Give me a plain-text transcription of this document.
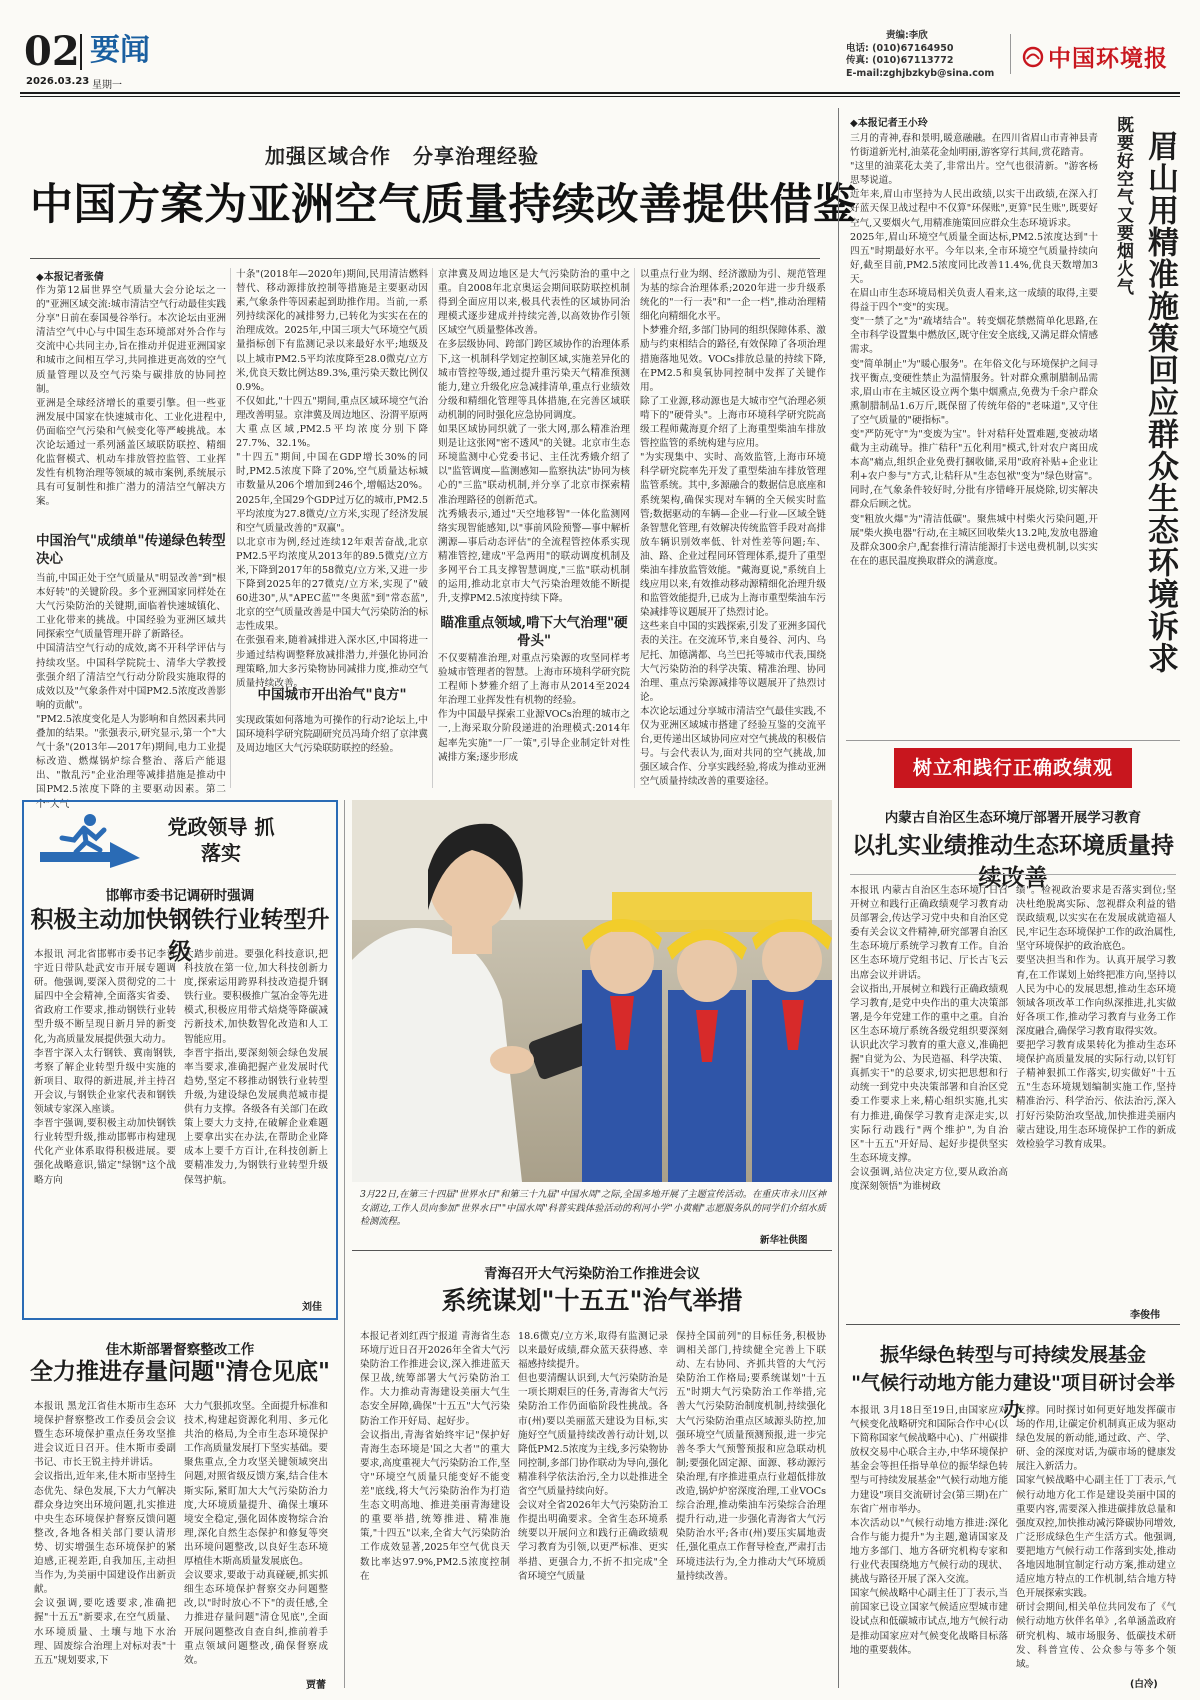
02 要闻
2026.03.23 星期一
责编:李欣
电话: (010)67164950
传真: (010)67113772
E-mail:zghjbzkyb@sina.com
中国环境报
加强区域合作 分享治理经验
中国方案为亚洲空气质量持续改善提供借鉴
◆本报记者张倩
作为第12届世界空气质量大会分论坛之一的"亚洲区域交流:城市清洁空气行动最佳实践分享"日前在泰国曼谷举行。本次论坛由亚洲清洁空气中心与中国生态环境部对外合作与交流中心共同主办,旨在推动并促进亚洲国家和城市之间相互学习,共同推进更高效的空气质量管理以及空气污染与碳排放的协同控制。
亚洲是全球经济增长的重要引擎。但一些亚洲发展中国家在快速城市化、工业化进程中,仍面临空气污染和气候变化等严峻挑战。本次论坛通过一系列涵盖区域联防联控、精细化监督模式、机动车排放管控监管、工业挥发性有机物治理等领域的城市案例,系统展示具有可复制性和推广潜力的清洁空气解决方案。
中国治气"成绩单"传递绿色转型决心
当前,中国正处于空气质量从"明显改善"到"根本好转"的关键阶段。多个亚洲国家同样处在大气污染防治的关键期,面临着快速城镇化、工业化带来的挑战。中国经验为亚洲区域共同探索空气质量管理开辟了新路径。
中国清洁空气行动的成效,离不开科学评估与持续攻坚。中国科学院院士、清华大学教授张强介绍了清洁空气行动分阶段实施取得的成效以及"气象条件对中国PM2.5浓度改善影响的贡献"。
"PM2.5浓度变化是人为影响和自然因素共同叠加的结果。"张强表示,研究显示,第一个"大气十条"(2013年—2017年)期间,电力工业提标改造、燃煤锅炉综合整治、落后产能退出、"散乱污"企业治理等减排措施是推动中国PM2.5浓度下降的主要驱动因素。第二个"大气
十条"(2018年—2020年)期间,民用清洁燃料替代、移动源排放控制等措施是主要驱动因素,气象条件等因素起到助推作用。当前,一系列持续深化的减排努力,已转化为实实在在的治理成效。2025年,中国三项大气环境空气质量指标创下有监测记录以来最好水平;地级及以上城市PM2.5平均浓度降至28.0微克/立方米,优良天数比例达89.3%,重污染天数比例仅0.9%。
不仅如此,"十四五"期间,重点区域环境空气治理改善明显。京津冀及周边地区、汾渭平原两大重点区域,PM2.5平均浓度分别下降27.7%、32.1%。
"十四五"期间,中国在GDP增长30%的同时,PM2.5浓度下降了20%,空气质量达标城市数量从206个增加到246个,增幅达20%。2025年,全国29个GDP过万亿的城市,PM2.5平均浓度为27.8微克/立方米,实现了经济发展和空气质量改善的"双赢"。
以北京市为例,经过连续12年艰苦奋战,北京PM2.5平均浓度从2013年的89.5微克/立方米,下降到2017年的58微克/立方米,又进一步下降到2025年的27微克/立方米,实现了"破60进30",从"APEC蓝""冬奥蓝"到"常态蓝",北京的空气质量改善是中国大气污染防治的标志性成果。
在张强看来,随着减排进入深水区,中国将进一步通过结构调整释放减排潜力,并强化协同治理策略,加大多污染物协同减排力度,推动空气质量持续改善。
中国城市开出治气"良方"
实现政策如何落地为可操作的行动?论坛上,中国环境科学研究院副研究员冯琦介绍了京津冀及周边地区大气污染联防联控的经验。
京津冀及周边地区是大气污染防治的重中之重。自2008年北京奥运会期间联防联控机制得到全面应用以来,极具代表性的区域协同治理模式逐步建成并持续完善,以高效协作引领区域空气质量整体改善。
在多层级协同、跨部门跨区域协作的治理体系下,这一机制科学划定控制区域,实施差异化的城市管控等级,通过提升重污染天气精准预测能力,建立升级化应急减排清单,重点行业绩效分级和精细化管理等具体措施,在完善区域联动机制的同时强化应急协同调度。
如果区域协同织就了一张大网,那么精准治理则是让这张网"密不透风"的关键。北京市生态环境监测中心党委书记、主任沈秀娥介绍了以"监管调度—监测感知—监察执法"协同为核心的"三监"联动机制,并分享了北京市探索精准治理路径的创新范式。
沈秀娥表示,通过"天空地移智"一体化监测网络实现智能感知,以"事前风险预警—事中解析溯源—事后动态评估"的全流程管控体系实现精准管控,建成"平急两用"的联动调度机制及多网平台工具支撑智慧调度,"三监"联动机制的运用,推动北京市大气污染治理效能不断提升,支撑PM2.5浓度持续下降。
瞄准重点领域,啃下大气治理"硬骨头"
不仅要精准治理,对重点污染源的攻坚同样考验城市管理者的智慧。上海市环境科学研究院工程师卜梦雅介绍了上海市从2014至2024年治理工业挥发性有机物的经验。
作为中国最早探索工业源VOCs治理的城市之一,上海采取分阶段递进的治理模式:2014年起率先实施"一厂一策",引导企业制定针对性减排方案;逐步形成
以重点行业为纲、经济激励为引、规范管理为基的综合治理体系;2020年进一步升级系统化的"一行一表"和"一企一档",推动治理精细化向精细化水平。
卜梦雅介绍,多部门协同的组织保障体系、激励与约束相结合的路径,有效保障了各项治理措施落地见效。VOCs排放总量的持续下降,在PM2.5和臭氧协同控制中发挥了关键作用。
除了工业源,移动源也是大城市空气治理必须啃下的"硬骨头"。上海市环境科学研究院高级工程师戴海夏介绍了上海重型柴油车排放管控监管的系统构建与应用。
"为实现集中、实时、高效监管,上海市环境科学研究院率先开发了重型柴油车排放管理监管系统。其中,多源融合的数据信息底座和系统架构,确保实现对车辆的全天候实时监管;数据驱动的车辆—企业—行业—区域全链条智慧化管理,有效解决传统监管手段对高排放车辆识别效率低、针对性差等问题;车、油、路、企业过程同环管理体系,提升了重型柴油车排放监管效能。"戴海夏说,"系统自上线应用以来,有效推动移动源精细化治理升级和监管效能提升,已成为上海市重型柴油车污染减排等议题展开了热烈讨论。
这些来自中国的实践探索,引发了亚洲多国代表的关注。在交流环节,来自曼谷、河内、乌尼托、加德满都、乌兰巴托等城市代表,围绕大气污染防治的科学决策、精准治理、协同治理、重点污染源减排等议题展开了热烈讨论。
本次论坛通过分享城市清洁空气最佳实践,不仅为亚洲区域城市搭建了经验互鉴的交流平台,更传递出区域协同应对空气挑战的积极信号。与会代表认为,面对共同的空气挑战,加强区域合作、分享实践经验,将成为推动亚洲空气质量持续改善的重要途径。
◆本报记者王小玲
三月的青神,春和景明,暖意融融。在四川省眉山市青神县青竹街道新光村,油菜花金灿明丽,游客穿行其间,赏花踏青。
"这里的油菜花太美了,非常出片。空气也很清新。"游客杨思琴说道。
近年来,眉山市坚持为人民出政绩,以实干出政绩,在深入打好蓝天保卫战过程中不仅算"环保账",更算"民生账",既要好空气,又要烟火气,用精准施策回应群众生态环境诉求。
2025年,眉山环境空气质量全面达标,PM2.5浓度达到"十四五"时期最好水平。今年以来,全市环境空气质量持续向好,截至目前,PM2.5浓度同比改善11.4%,优良天数增加3天。
在眉山市生态环境局相关负责人看来,这一成绩的取得,主要得益于四个"变"的实现。
变"一禁了之"为"疏堵结合"。转变烟花禁燃简单化思路,在全市科学设置集中燃放区,既守住安全底线,又满足群众情感需求。
变"简单制止"为"暖心服务"。在年俗文化与环境保护之间寻找平衡点,变硬性禁止为温情服务。针对群众熏制腊制品需求,眉山市在主城区设立两个集中烟熏点,免费为千余户群众熏制腊制品1.6万斤,既保留了传统年俗的"老味道",又守住了空气质量的"硬指标"。
变"严防死守"为"变废为宝"。针对秸秆处置难题,变被动堵截为主动疏导。推广秸秆"五化利用"模式,针对农户离田成本高"痛点,组织企业免费打捆收储,采用"政府补贴+企业让利+农户参与"方式,让秸秆从"生态包袱"变为"绿色财富"。同时,在气象条件较好时,分批有序错峰开展烧除,切实解决群众后顾之忧。
变"粗放火爆"为"清洁低碳"。聚焦城中村柴火污染问题,开展"柴火换电器"行动,在主城区回收柴火13.2吨,发放电器逾及群众300余户,配套推行清洁能源打卡送电费机制,以实实在在的惠民温度换取群众的满意度。
既要好空气又要烟火气 眉山用精准施策回应群众生态环境诉求
树立和践行正确政绩观
内蒙古自治区生态环境厅部署开展学习教育
以扎实业绩推动生态环境质量持续改善
本报讯 内蒙古自治区生态环境厅日召开树立和践行正确政绩观学习教育动员部署会,传达学习党中央和自治区党委有关会议文件精神,研究部署自治区生态环境厅系统学习教育工作。自治区生态环境厅党组书记、厅长古飞云出席会议并讲话。
会议指出,开展树立和践行正确政绩观学习教育,是党中央作出的重大决策部署,是今年党建工作的重中之重。自治区生态环境厅系统各级党组织要深刻认识此次学习教育的重大意义,准确把握"自觉为公、为民造福、科学决策、真抓实干"的总要求,切实把思想和行动统一到党中央决策部署和自治区党委工作要求上来,精心组织实施,扎实有力推进,确保学习教育走深走实,以实际行动践行"两个维护",为自治区"十五五"开好局、起好步提供坚实生态环境支撑。
会议强调,站位决定方位,要从政治高度深刻领悟"为谁树政
绩"。检视政治要求是否落实到位;坚决杜绝脱离实际、忽视群众利益的错误政绩观,以实实在在发展成就造福人民,牢记生态环境保护工作的政治属性,坚守环境保护的政治底色。
要坚决担当和作为。认真开展学习教育,在工作谋划上始终把准方向,坚持以人民为中心的发展思想,推动生态环境领域各项改革工作向纵深推进,扎实做好各项工作,推动学习教育与业务工作深度融合,确保学习教育取得实效。
要把学习教育成果转化为推动生态环境保护高质量发展的实际行动,以钉钉子精神狠抓工作落实,切实做好"十五五"生态环境规划编制实施工作,坚持精准治污、科学治污、依法治污,深入打好污染防治攻坚战,加快推进美丽内蒙古建设,用生态环境保护工作的新成效检验学习教育成果。
李俊伟
振华绿色转型与可持续发展基金
"气候行动地方能力建设"项目研讨会举办
本报讯 3月18日至19日,由国家应对气候变化战略研究和国际合作中心(以下简称国家气候战略中心)、广州碳排放权交易中心联合主办,中华环境保护基金会等担任指导单位的振华绿色转型与可持续发展基金"气候行动地方能力建设"项目交流研讨会(第三期)在广东省广州市举办。
本次活动以"气候行动地方推进:深化合作与能力提升"为主题,邀请国家及地方多部门、地方各研究机构专家和行业代表围绕地方气候行动的现状、挑战与路径开展了深入交流。
国家气候战略中心副主任丁丁表示,当前国家已设立国家气候适应型城市建设试点和低碳城市试点,地方气候行动是推动国家应对气候变化战略目标落地的重要载体。
支撑。同时探讨如何更好地发挥碳市场的作用,让碳定价机制真正成为驱动绿色发展的新动能,通过政、产、学、研、金的深度对话,为碳市场的健康发展注入新活力。
国家气候战略中心副主任丁丁表示,气候行动地方化工作是建设美丽中国的重要内容,需要深入推进碳排放总量和强度双控,加快推动减污降碳协同增效,广泛形成绿色生产生活方式。他强调,要把地方气候行动工作落到实处,推动各地因地制宜制定行动方案,推动建立适应地方特点的工作机制,结合地方特色开展探索实践。
研讨会期间,相关单位共同发布了《气候行动地方伙伴名单》,名单涵盖政府研究机构、城市场服务、低碳技术研发、科普宣传、公众参与等多个领域。
(白冷)
党政领导 抓落实
邯郸市委书记调研时强调
积极主动加快钢铁行业转型升级
本报讯 河北省邯郸市委书记李晋宇近日带队赴武安市开展专题调研。他强调,要深入贯彻党的二十届四中全会精神,全面落实省委、省政府工作要求,推动钢铁行业转型升级不断呈现日新月异的新变化,为高质量发展提供强大动力。
李晋宇深入太行钢铁、冀南钢铁,考察了解企业转型升级中实施的新项目、取得的新进展,并主持召开会议,与钢铁企业家代表和钢铁领域专家深入座谈。
李晋宇强调,要积极主动加快钢铁行业转型升级,推动邯郸市构建现代化产业体系取得积极进展。要强化战略意识,锚定"绿钢"这个战略方向
大踏步前进。要强化科技意识,把科技放在第一位,加大科技创新力度,探索运用跨界科技改造提升钢铁行业。要积极推广氢冶金等先进模式,积极应用带式焙烧等降碳减污新技术,加快数智化改造和人工智能应用。
李晋宇指出,要深刻领会绿色发展率当要求,准确把握产业发展时代趋势,坚定不移推动钢铁行业转型升级,为建设绿色发展典范城市提供有力支撑。各级各有关部门在政策上要大力支持,在破解企业难题上要拿出实在办法,在帮助企业降成本上要千方百计,在科技创新上要精准发力,为钢铁行业转型升级保驾护航。
刘佳
佳木斯部署督察整改工作
全力推进存量问题"清仓见底"
本报讯 黑龙江省佳木斯市生态环境保护督察整改工作委员会会议暨生态环境保护重点任务攻坚推进会议近日召开。佳木斯市委副书记、市长王锐主持并讲话。
会议指出,近年来,佳木斯市坚持生态优先、绿色发展,下大力气解决群众身边突出环境问题,扎实推进中央生态环境保护督察反馈问题整改,各地各相关部门要认清形势、切实增强生态环境保护的紧迫感,正视差距,自我加压,主动担当作为,为美丽中国建设作出新贡献。
会议强调,要吃透要求,准确把握"十五五"新要求,在空气质量、水环境质量、土壤与地下水治理、固废综合治理上对标对表"十五五"规划要求,下
大力气狠抓攻坚。全面提升标准和技术,构建起资源化利用、多元化共治的格局,为全市生态环境保护工作高质量发展打下坚实基础。要聚焦重点,全力攻坚关键领域突出问题,对照省级反馈方案,结合佳木斯实际,紧盯加大大气污染防治力度,大环境质量提升、确保土壤环境安全稳定,强化固体废物综合治理,深化自然生态保护和修复等突出环境问题整改,以良好生态环境厚植佳木斯高质量发展底色。
会议要求,要敢于动真碰硬,抓实抓细生态环境保护督察交办问题整改,以"时时放心不下"的责任感,全力推进存量问题"清仓见底",全面开展问题整改自查自纠,推前着手重点领域问题整改,确保督察成效。
贾蕾
3月22日,在第三十四届"世界水日"和第三十九届"中国水周"之际,全国多地开展了主题宣传活动。在重庆市永川区神女湖边,工作人员向参加"世界水日""中国水周"科普实践体验活动的利河小学"小黄帽"志愿服务队的同学们介绍水质检测流程。
新华社供图
青海召开大气污染防治工作推进会议
系统谋划"十五五"治气举措
本报记者刘红西宁报道 青海省生态环境厅近日召开2026年全省大气污染防治工作推进会议,深入推进蓝天保卫战,统筹部署大气污染防治工作。大力推动青海建设美丽大气生态安全屏障,确保"十五五"大气污染防治工作开好局、起好步。
会议指出,青海省始终牢记"保护好青海生态环境是'国之大者'"的重大要求,高度重视大气污染防治工作,坚守"环境空气质量只能变好不能变差"底线,将大气污染防治作为打造生态文明高地、推进美丽青海建设的重要举措,统筹推进、精准施策,"十四五"以来,全省大气污染防治工作成效显著,2025年空气优良天数比率达97.9%,PM2.5浓度控制在
18.6微克/立方米,取得有监测记录以来最好成绩,群众蓝天获得感、幸福感持续提升。
但也要清醒认识到,大气污染防治是一项长期艰巨的任务,青海省大气污染防治工作仍面临阶段性挑战。各市(州)要以美丽蓝天建设为目标,实施好空气质量持续改善行动计划,以降低PM2.5浓度为主线,多污染物协同控制,多部门协作联动为导向,强化精准科学依法治污,全力以赴推进全省空气质量持续向好。
会议对全省2026年大气污染防治工作提出明确要求。全省生态环境系统要以开展问立和践行正确政绩观学习教育为引领,以更严标准、更实举措、更强合力,不折不扣完成"全省环境空气质量
保持全国前列"的目标任务,积极协调相关部门,持续健全完善上下联动、左右协同、齐抓共管的大气污染防治工作格局;要系统谋划"十五五"时期大气污染防治工作举措,完善大气污染防治制度机制,持续强化大气污染防治重点区域源头防控,加强环境空气质量预测预报,进一步完善冬季大气预警预报和应急联动机制;要强化固定源、面源、移动源污染治理,有序推进重点行业超低排放改造,锅炉炉窑深度治理,工业VOCs综合治理,推动柴油车污染综合治理提升行动,进一步强化青海省大气污染防治水平;各市(州)要压实属地责任,强化重点工作督导检查,严肃打击环境违法行为,全力推动大气环境质量持续改善。
